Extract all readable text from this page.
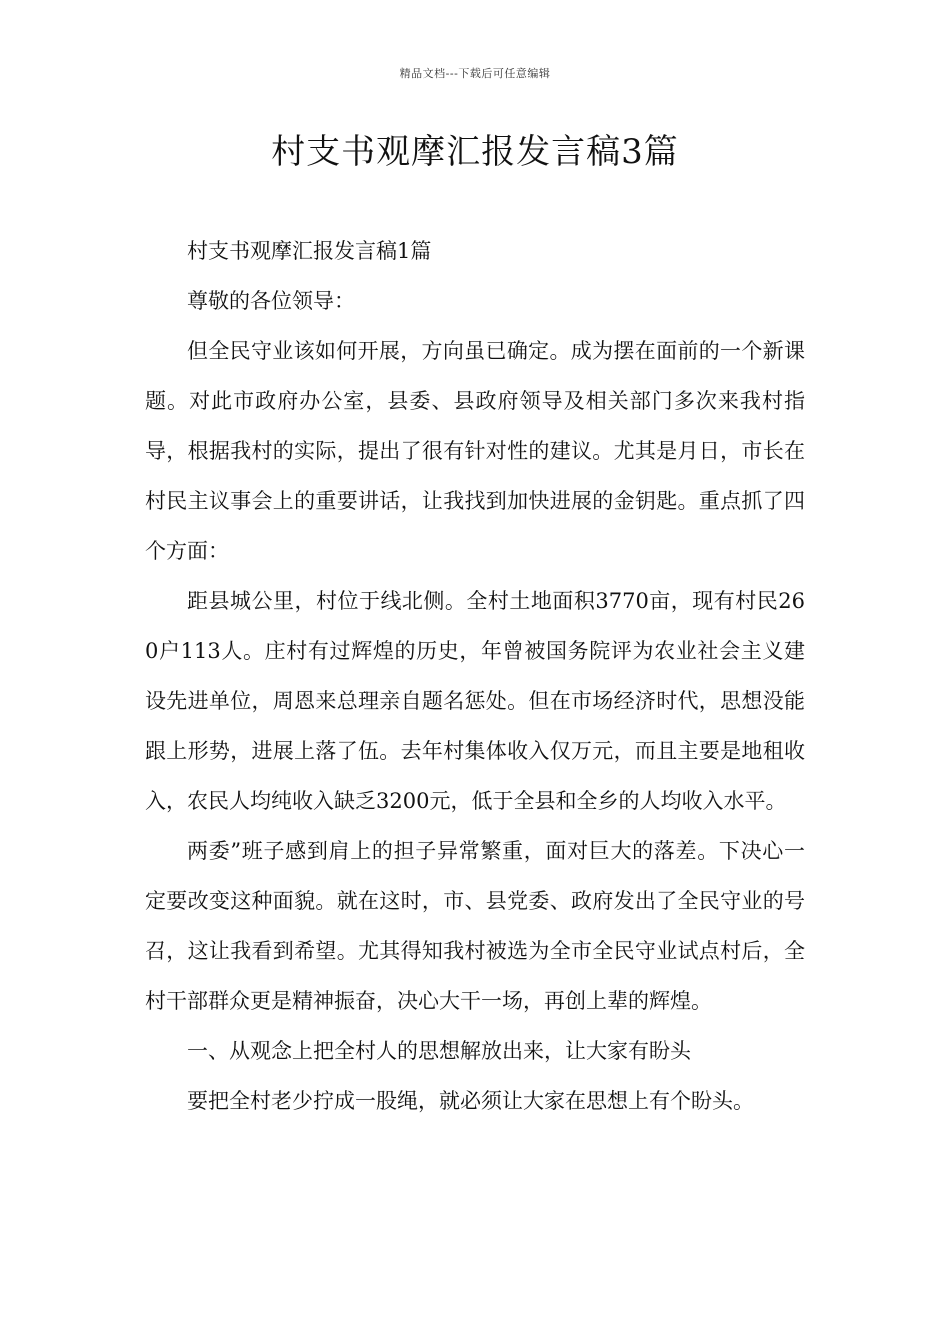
精品文档---下载后可任意编辑
村支书观摩汇报发言稿3篇

村支书观摩汇报发言稿1篇

尊敬的各位领导：

但全民守业该如何开展，方向虽已确定。成为摆在面前的一个新课题。对此市政府办公室，县委、县政府领导及相关部门多次来我村指导，根据我村的实际，提出了很有针对性的建议。尤其是月日，市长在村民主议事会上的重要讲话，让我找到加快进展的金钥匙。重点抓了四个方面：

距县城公里，村位于线北侧。全村土地面积3770亩，现有村民260户113人。庄村有过辉煌的历史，年曾被国务院评为农业社会主义建设先进单位，周恩来总理亲自题名惩处。但在市场经济时代，思想没能跟上形势，进展上落了伍。去年村集体收入仅万元，而且主要是地租收入，农民人均纯收入缺乏3200元，低于全县和全乡的人均收入水平。

两委”班子感到肩上的担子异常繁重，面对巨大的落差。下决心一定要改变这种面貌。就在这时，市、县党委、政府发出了全民守业的号召，这让我看到希望。尤其得知我村被选为全市全民守业试点村后，全村干部群众更是精神振奋，决心大干一场，再创上辈的辉煌。

一、从观念上把全村人的思想解放出来，让大家有盼头

要把全村老少拧成一股绳，就必须让大家在思想上有个盼头。
